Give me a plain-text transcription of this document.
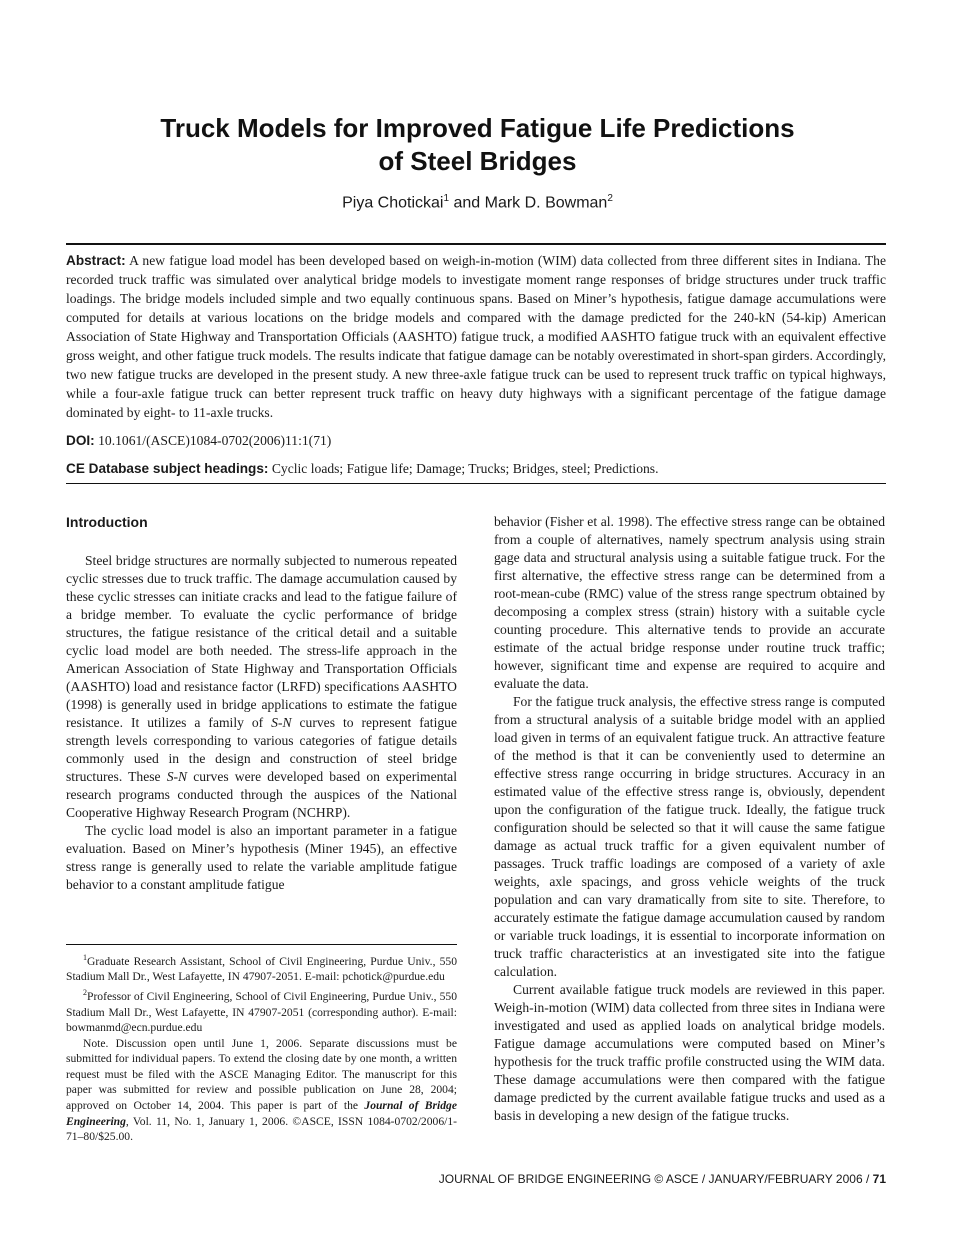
Truck Models for Improved Fatigue Life Predictions
of Steel Bridges
Piya Chotickai$^1$ and Mark D. Bowman$^2$
Abstract: A new fatigue load model has been developed based on weigh-in-motion (WIM) data collected from three different sites in Indiana. The recorded truck traffic was simulated over analytical bridge models to investigate moment range responses of bridge structures under truck traffic loadings. The bridge models included simple and two equally continuous spans. Based on Miner’s hypothesis, fatigue damage accumulations were computed for details at various locations on the bridge models and compared with the damage predicted for the 240-kN (54-kip) American Association of State Highway and Transportation Officials (AASHTO) fatigue truck, a modified AASHTO fatigue truck with an equivalent effective gross weight, and other fatigue truck models. The results indicate that fatigue damage can be notably overestimated in short-span girders. Accordingly, two new fatigue trucks are developed in the present study. A new three-axle fatigue truck can be used to represent truck traffic on typical highways, while a four-axle fatigue truck can better represent truck traffic on heavy duty highways with a significant percentage of the fatigue damage dominated by eight- to 11-axle trucks.
DOI: 10.1061/(ASCE)1084-0702(2006)11:1(71)
CE Database subject headings: Cyclic loads; Fatigue life; Damage; Trucks; Bridges, steel; Predictions.
Introduction

Steel bridge structures are normally subjected to numerous repeated cyclic stresses due to truck traffic. The damage accumulation caused by these cyclic stresses can initiate cracks and lead to the fatigue failure of a bridge member. To evaluate the cyclic performance of bridge structures, the fatigue resistance of the critical detail and a suitable cyclic load model are both needed. The stress-life approach in the American Association of State Highway and Transportation Officials (AASHTO) load and resistance factor (LRFD) specifications AASHTO (1998) is generally used in bridge applications to estimate the fatigue resistance. It utilizes a family of S-N curves to represent fatigue strength levels corresponding to various categories of fatigue details commonly used in the design and construction of steel bridge structures. These S-N curves were developed based on experimental research programs conducted through the auspices of the National Cooperative Highway Research Program (NCHRP).

The cyclic load model is also an important parameter in a fatigue evaluation. Based on Miner’s hypothesis (Miner 1945), an effective stress range is generally used to relate the variable amplitude fatigue behavior to a constant amplitude fatigue

$^1$Graduate Research Assistant, School of Civil Engineering, Purdue Univ., 550 Stadium Mall Dr., West Lafayette, IN 47907-2051. E-mail: pchotick@purdue.edu

$^2$Professor of Civil Engineering, School of Civil Engineering, Purdue Univ., 550 Stadium Mall Dr., West Lafayette, IN 47907-2051 (corresponding author). E-mail: bowmanmd@ecn.purdue.edu

Note. Discussion open until June 1, 2006. Separate discussions must be submitted for individual papers. To extend the closing date by one month, a written request must be filed with the ASCE Managing Editor. The manuscript for this paper was submitted for review and possible publication on June 28, 2004; approved on October 14, 2004. This paper is part of the Journal of Bridge Engineering, Vol. 11, No. 1, January 1, 2006. ©ASCE, ISSN 1084-0702/2006/1-71–80/$25.00.

behavior (Fisher et al. 1998). The effective stress range can be obtained from a couple of alternatives, namely spectrum analysis using strain gage data and structural analysis using a suitable fatigue truck. For the first alternative, the effective stress range can be determined from a root-mean-cube (RMC) value of the stress range spectrum obtained by decomposing a complex stress (strain) history with a suitable cycle counting procedure. This alternative tends to provide an accurate estimate of the actual bridge response under routine truck traffic; however, significant time and expense are required to acquire and evaluate the data.

For the fatigue truck analysis, the effective stress range is computed from a structural analysis of a suitable bridge model with an applied load given in terms of an equivalent fatigue truck. An attractive feature of the method is that it can be conveniently used to determine an effective stress range occurring in bridge structures. Accuracy in an estimated value of the effective stress range is, obviously, dependent upon the configuration of the fatigue truck. Ideally, the fatigue truck configuration should be selected so that it will cause the same fatigue damage as actual truck traffic for a given equivalent number of passages. Truck traffic loadings are composed of a variety of axle weights, axle spacings, and gross vehicle weights of the truck population and can vary dramatically from site to site. Therefore, to accurately estimate the fatigue damage accumulation caused by random or variable truck loadings, it is essential to incorporate information on truck traffic characteristics at an investigated site into the fatigue calculation.

Current available fatigue truck models are reviewed in this paper. Weigh-in-motion (WIM) data collected from three sites in Indiana were investigated and used as applied loads on analytical bridge models. Fatigue damage accumulations were computed based on Miner’s hypothesis for the truck traffic profile constructed using the WIM data. These damage accumulations were then compared with the fatigue damage predicted by the current available fatigue trucks and used as a basis in developing a new design of the fatigue trucks.

JOURNAL OF BRIDGE ENGINEERING © ASCE / JANUARY/FEBRUARY 2006 / 71
